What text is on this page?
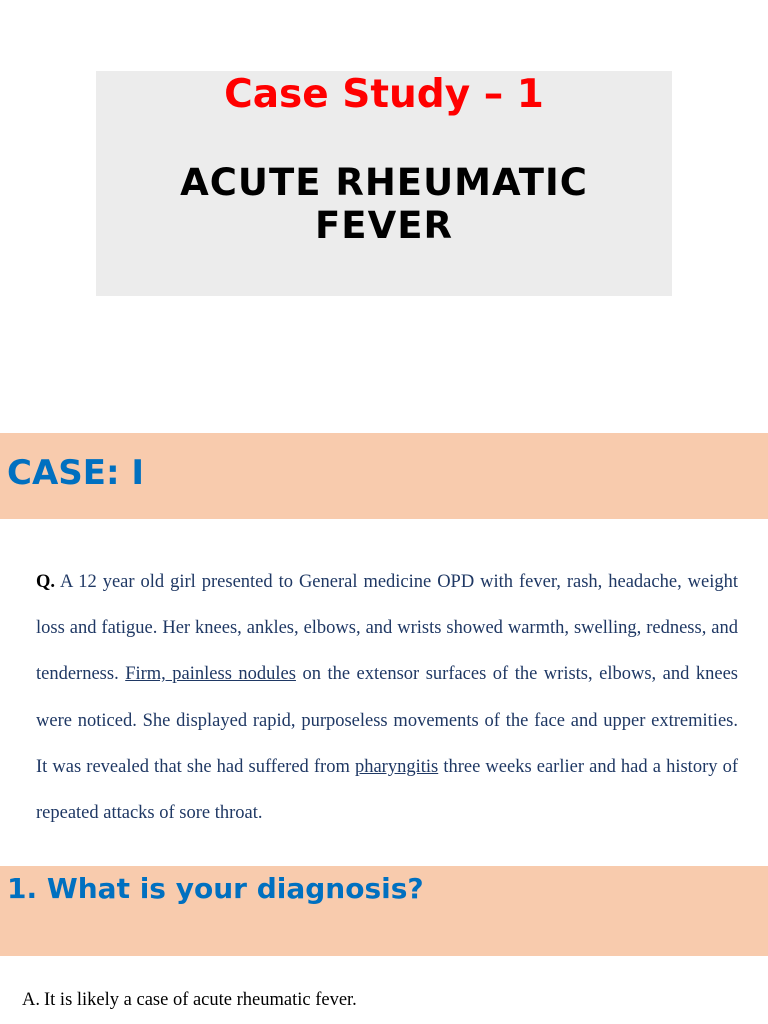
Case Study – 1
ACUTE RHEUMATIC
FEVER
CASE: I

Q. A 12 year old girl presented to General medicine OPD with fever, rash, headache, weight loss and fatigue. Her knees, ankles, elbows, and wrists showed warmth, swelling, redness, and tenderness. Firm, painless nodules on the extensor surfaces of the wrists, elbows, and knees were noticed. She displayed rapid, purposeless movements of the face and upper extremities. It was revealed that she had suffered from pharyngitis three weeks earlier and had a history of repeated attacks of sore throat.

1. What is your diagnosis?

A. It is likely a case of acute rheumatic fever.
